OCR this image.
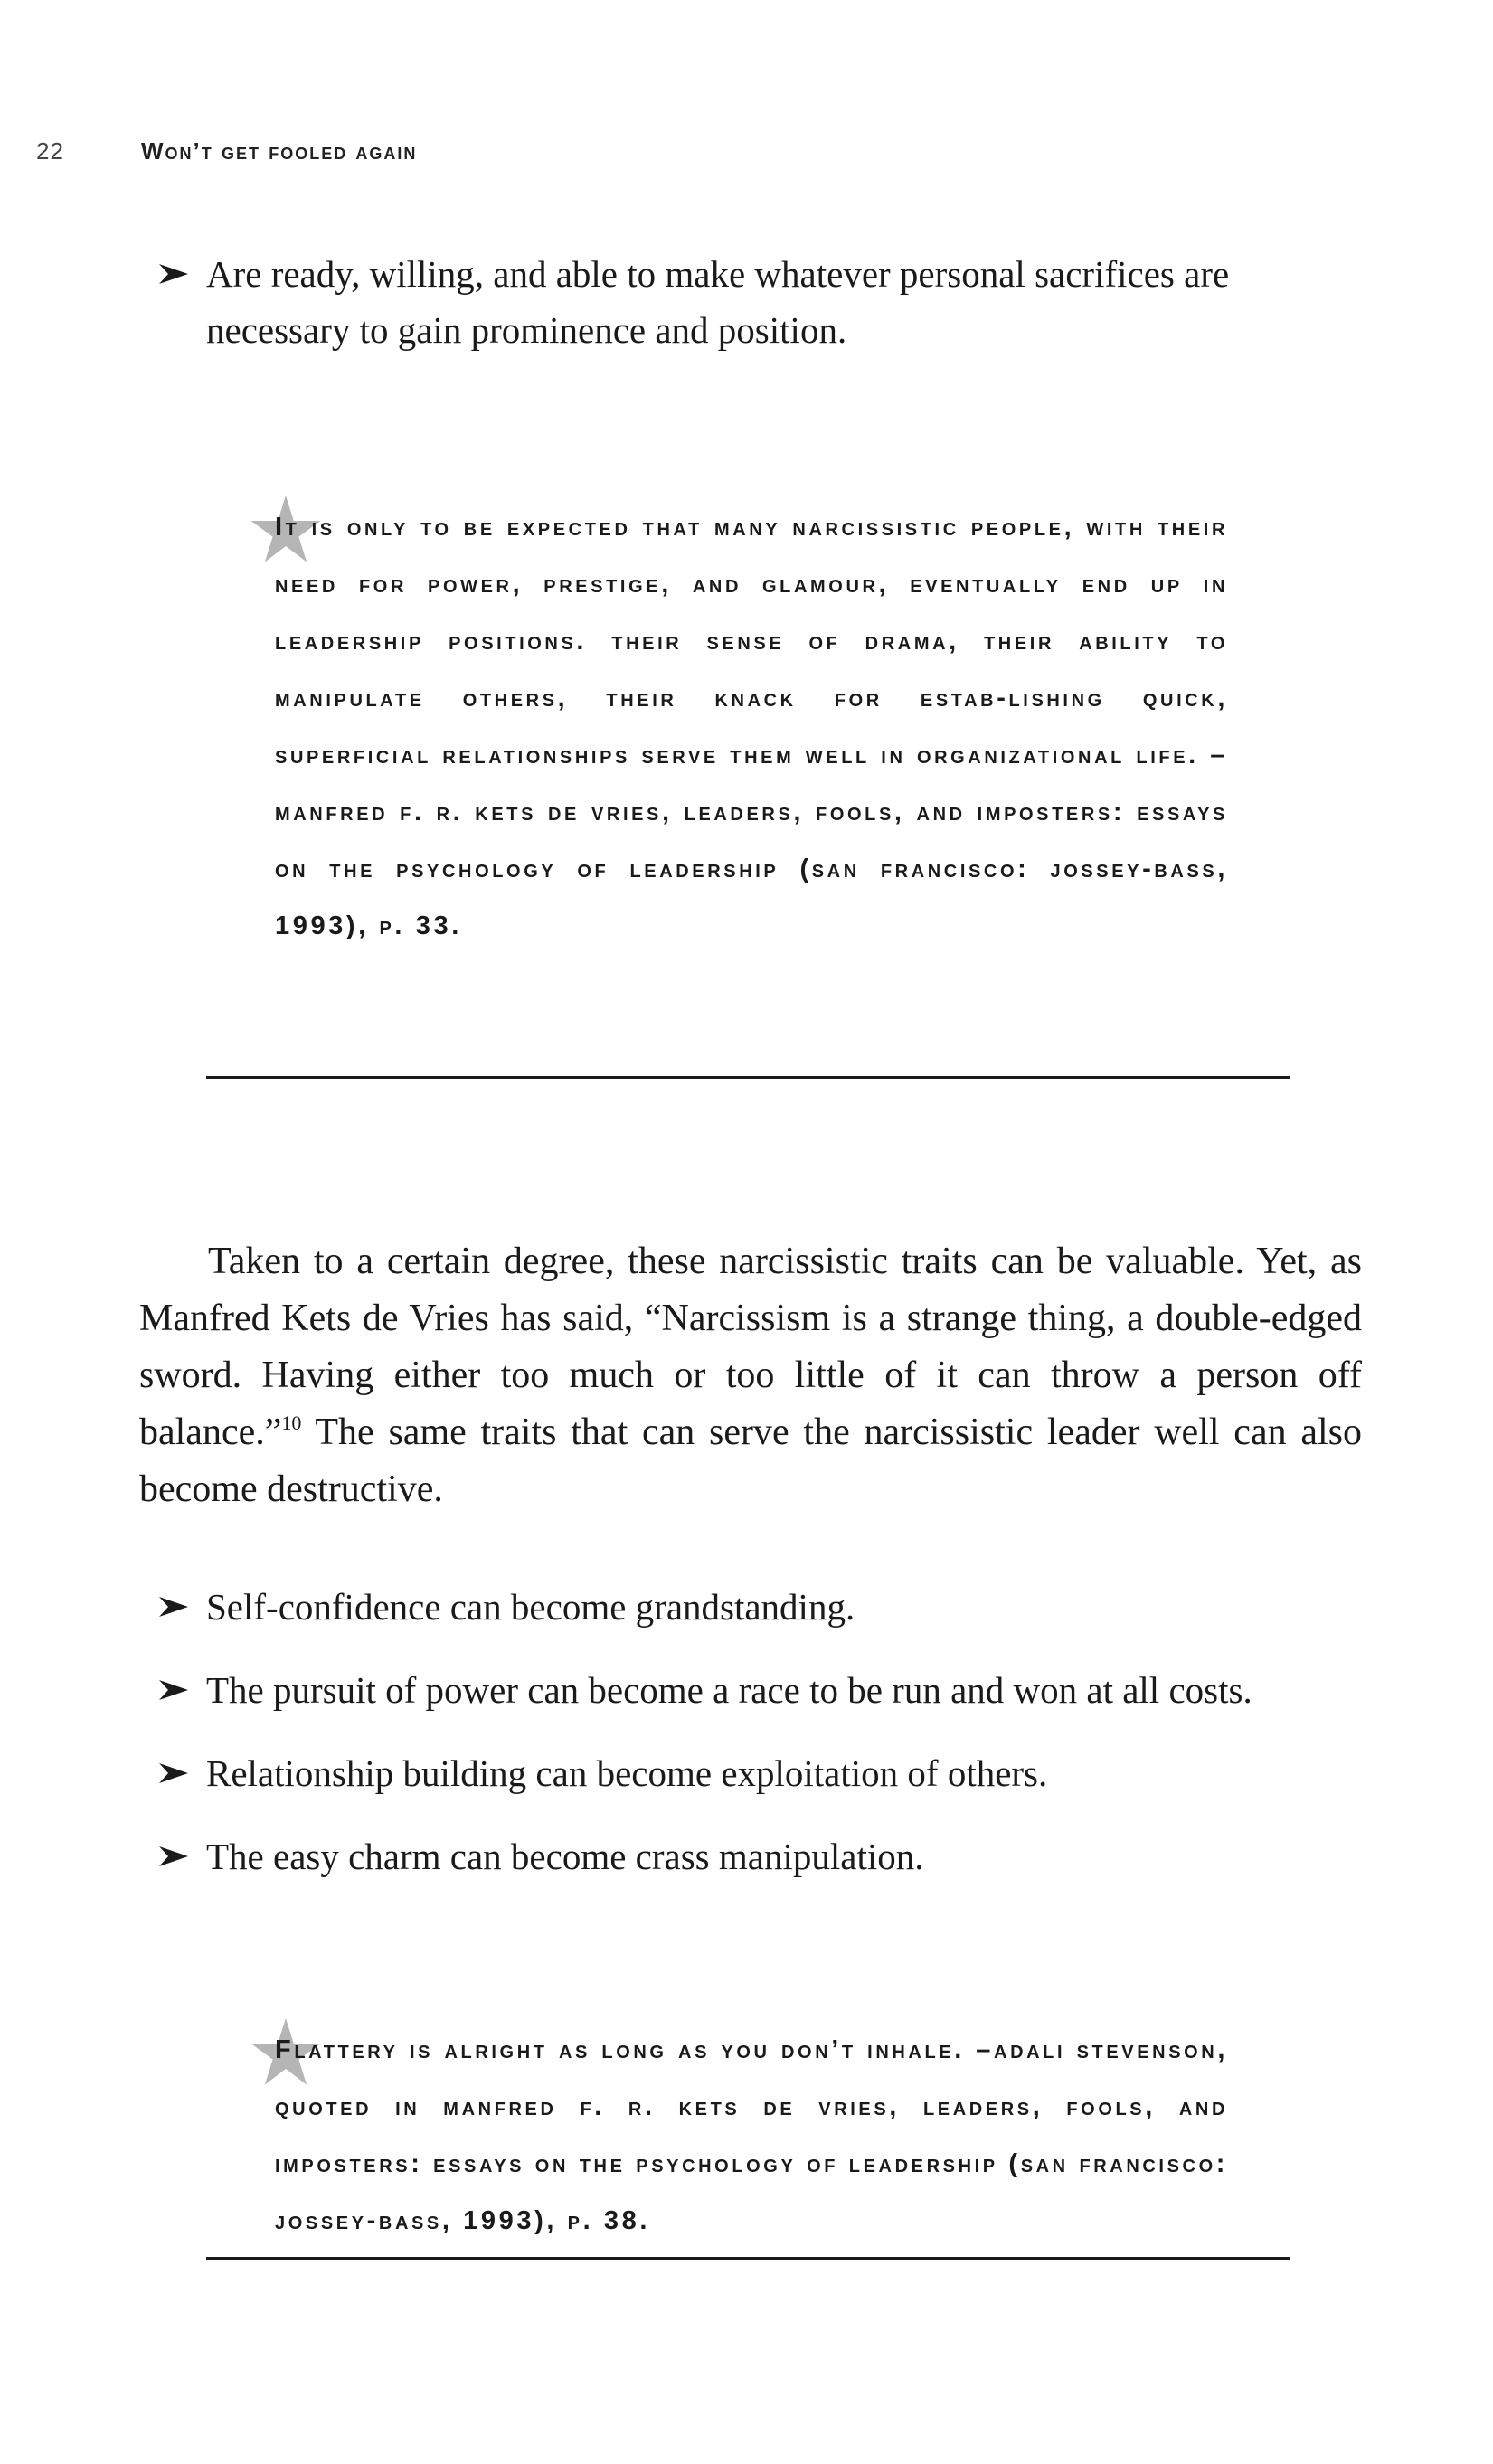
22	won’t get fooled again
Are ready, willing, and able to make whatever personal sacrifices are necessary to gain prominence and position.
It is only to be expected that many narcissistic people, with their need for power, prestige, and glamour, eventually end up in leadership positions. their sense of drama, their ability to manipulate others, their knack for estab-lishing quick, superficial relationships serve them well in organizational life. –manfred f. r. kets de vries, leaders, fools, and imposters: essays on the psychology of leadership (san francisco: jossey-bass, 1993), p. 33.

Taken to a certain degree, these narcissistic traits can be valuable. Yet, as Manfred Kets de Vries has said, “Narcissism is a strange thing, a double-edged sword. Having either too much or too little of it can throw a person off balance.”$^{10}$ The same traits that can serve the narcissistic leader well can also become destructive.

Self-confidence can become grandstanding.
The pursuit of power can become a race to be run and won at all costs.
Relationship building can become exploitation of others.
The easy charm can become crass manipulation.
Flattery is alright as long as you don’t inhale. –adali stevenson, quoted in manfred f. r. kets de vries, leaders, fools, and imposters: essays on the psychology of leadership (san francisco: jossey-bass, 1993), p. 38.
